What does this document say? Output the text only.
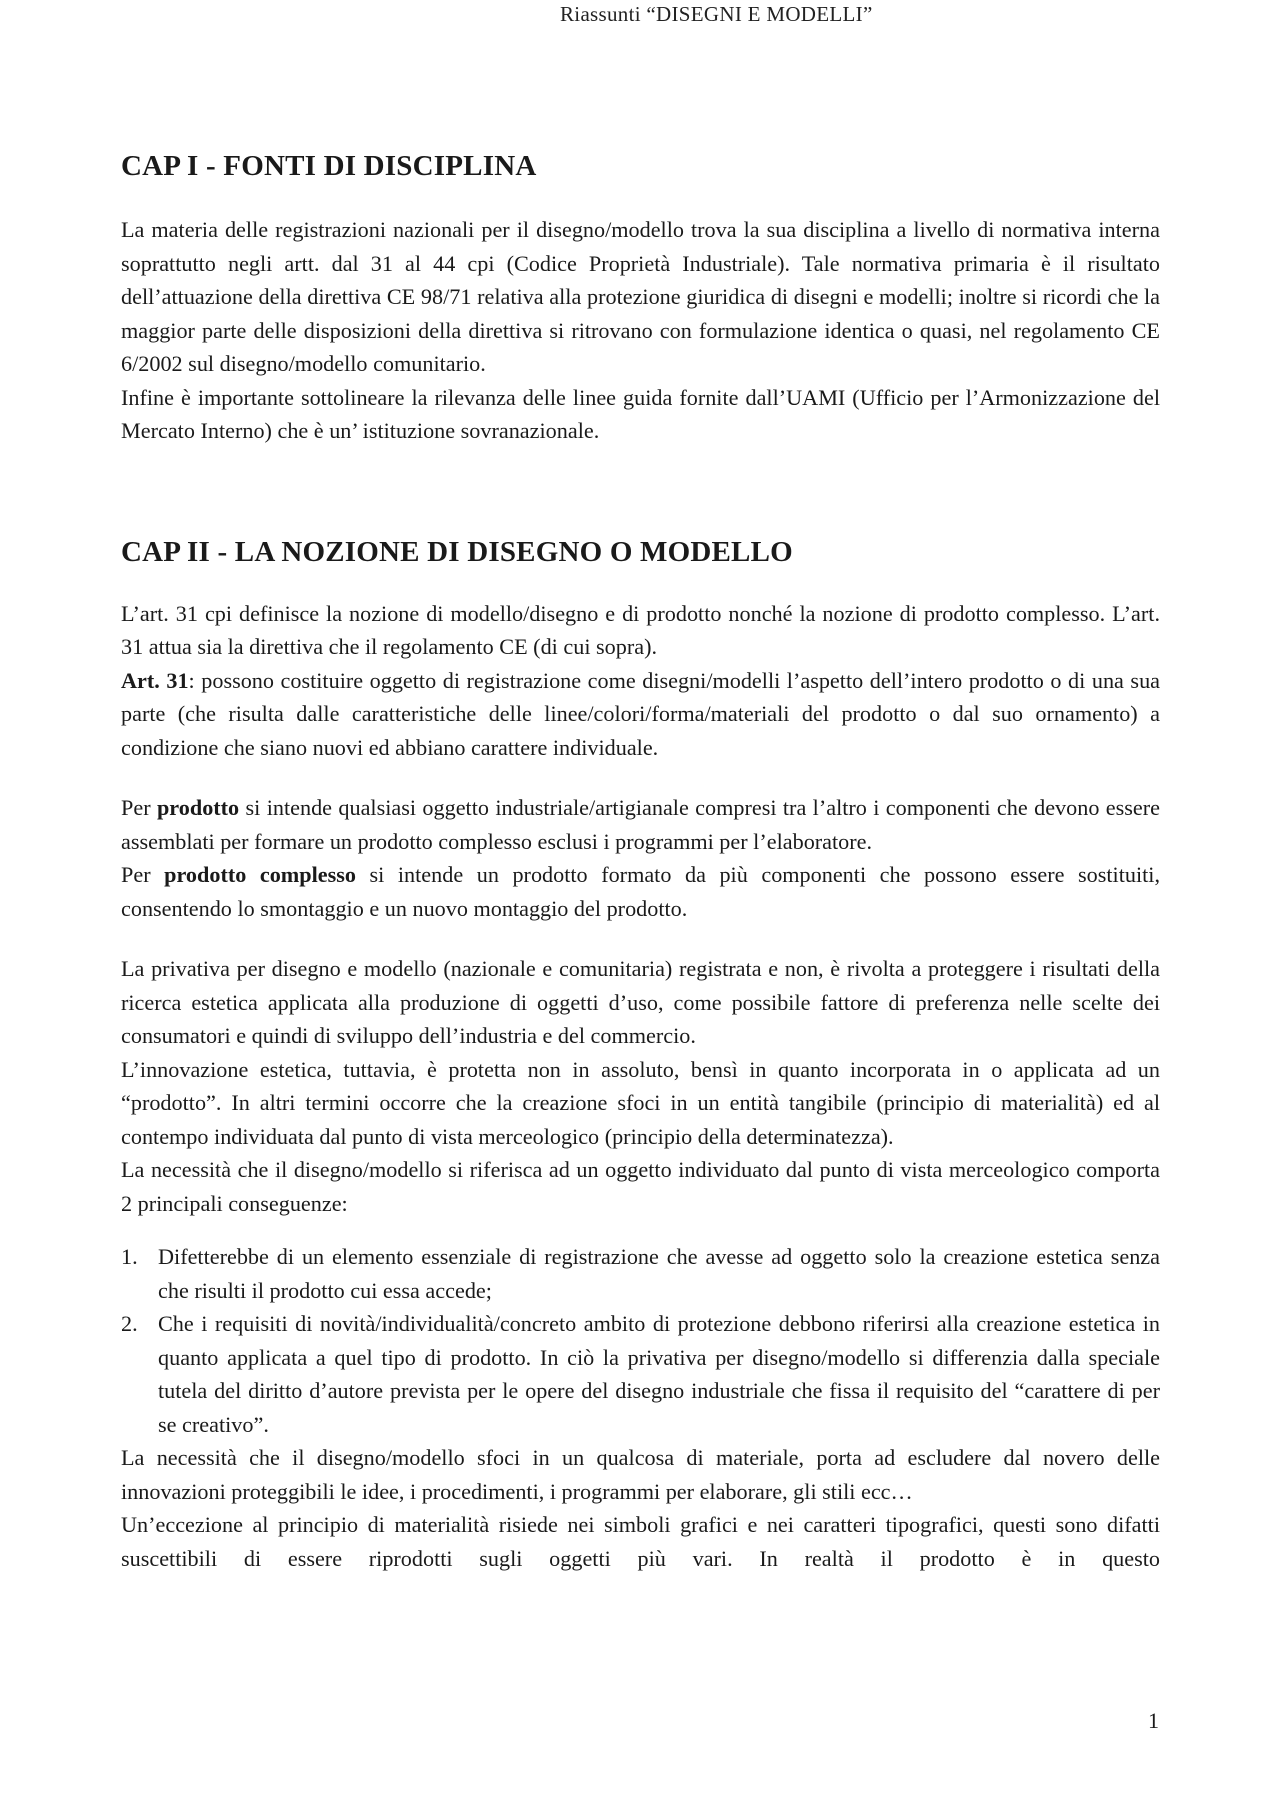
Riassunti “DISEGNI E MODELLI”
CAP I - FONTI DI DISCIPLINA

La materia delle registrazioni nazionali per il disegno/modello trova la sua disciplina a livello di normativa interna soprattutto negli artt. dal 31 al 44 cpi (Codice Proprietà Industriale). Tale normativa primaria è il risultato dell’attuazione della direttiva CE 98/71 relativa alla protezione giuridica di disegni e modelli; inoltre si ricordi che la maggior parte delle disposizioni della direttiva si ritrovano con formulazione identica o quasi, nel regolamento CE 6/2002 sul disegno/modello comunitario.

Infine è importante sottolineare la rilevanza delle linee guida fornite dall’UAMI (Ufficio per l’Armonizzazione del Mercato Interno) che è un’ istituzione sovranazionale.

CAP II - LA NOZIONE DI DISEGNO O MODELLO

L’art. 31 cpi definisce la nozione di modello/disegno e di prodotto nonché la nozione di prodotto complesso. L’art. 31 attua sia la direttiva che il regolamento CE (di cui sopra).

Art. 31: possono costituire oggetto di registrazione come disegni/modelli l’aspetto dell’intero prodotto o di una sua parte (che risulta dalle caratteristiche delle linee/colori/forma/materiali del prodotto o dal suo ornamento) a condizione che siano nuovi ed abbiano carattere individuale.

Per prodotto si intende qualsiasi oggetto industriale/artigianale compresi tra l’altro i componenti che devono essere assemblati per formare un prodotto complesso esclusi i programmi per l’elaboratore.

Per prodotto complesso si intende un prodotto formato da più componenti che possono essere sostituiti, consentendo lo smontaggio e un nuovo montaggio del prodotto.

La privativa per disegno e modello (nazionale e comunitaria) registrata e non, è rivolta a proteggere i risultati della ricerca estetica applicata alla produzione di oggetti d’uso, come possibile fattore di preferenza nelle scelte dei consumatori e quindi di sviluppo dell’industria e del commercio.

L’innovazione estetica, tuttavia, è protetta non in assoluto, bensì in quanto incorporata in o applicata ad un “prodotto”. In altri termini occorre che la creazione sfoci in un entità tangibile (principio di materialità) ed al contempo individuata dal punto di vista merceologico (principio della determinatezza).

La necessità che il disegno/modello si riferisca ad un oggetto individuato dal punto di vista merceologico comporta 2 principali conseguenze:

1. Difetterebbe di un elemento essenziale di registrazione che avesse ad oggetto solo la creazione estetica senza che risulti il prodotto cui essa accede;
2. Che i requisiti di novità/individualità/concreto ambito di protezione debbono riferirsi alla creazione estetica in quanto applicata a quel tipo di prodotto. In ciò la privativa per disegno/modello si differenzia dalla speciale tutela del diritto d’autore prevista per le opere del disegno industriale che fissa il requisito del “carattere di per se creativo”.

La necessità che il disegno/modello sfoci in un qualcosa di materiale, porta ad escludere dal novero delle innovazioni proteggibili le idee, i procedimenti, i programmi per elaborare, gli stili ecc…

Un’eccezione al principio di materialità risiede nei simboli grafici e nei caratteri tipografici, questi sono difatti suscettibili di essere riprodotti sugli oggetti più vari. In realtà il prodotto è in questo

1
